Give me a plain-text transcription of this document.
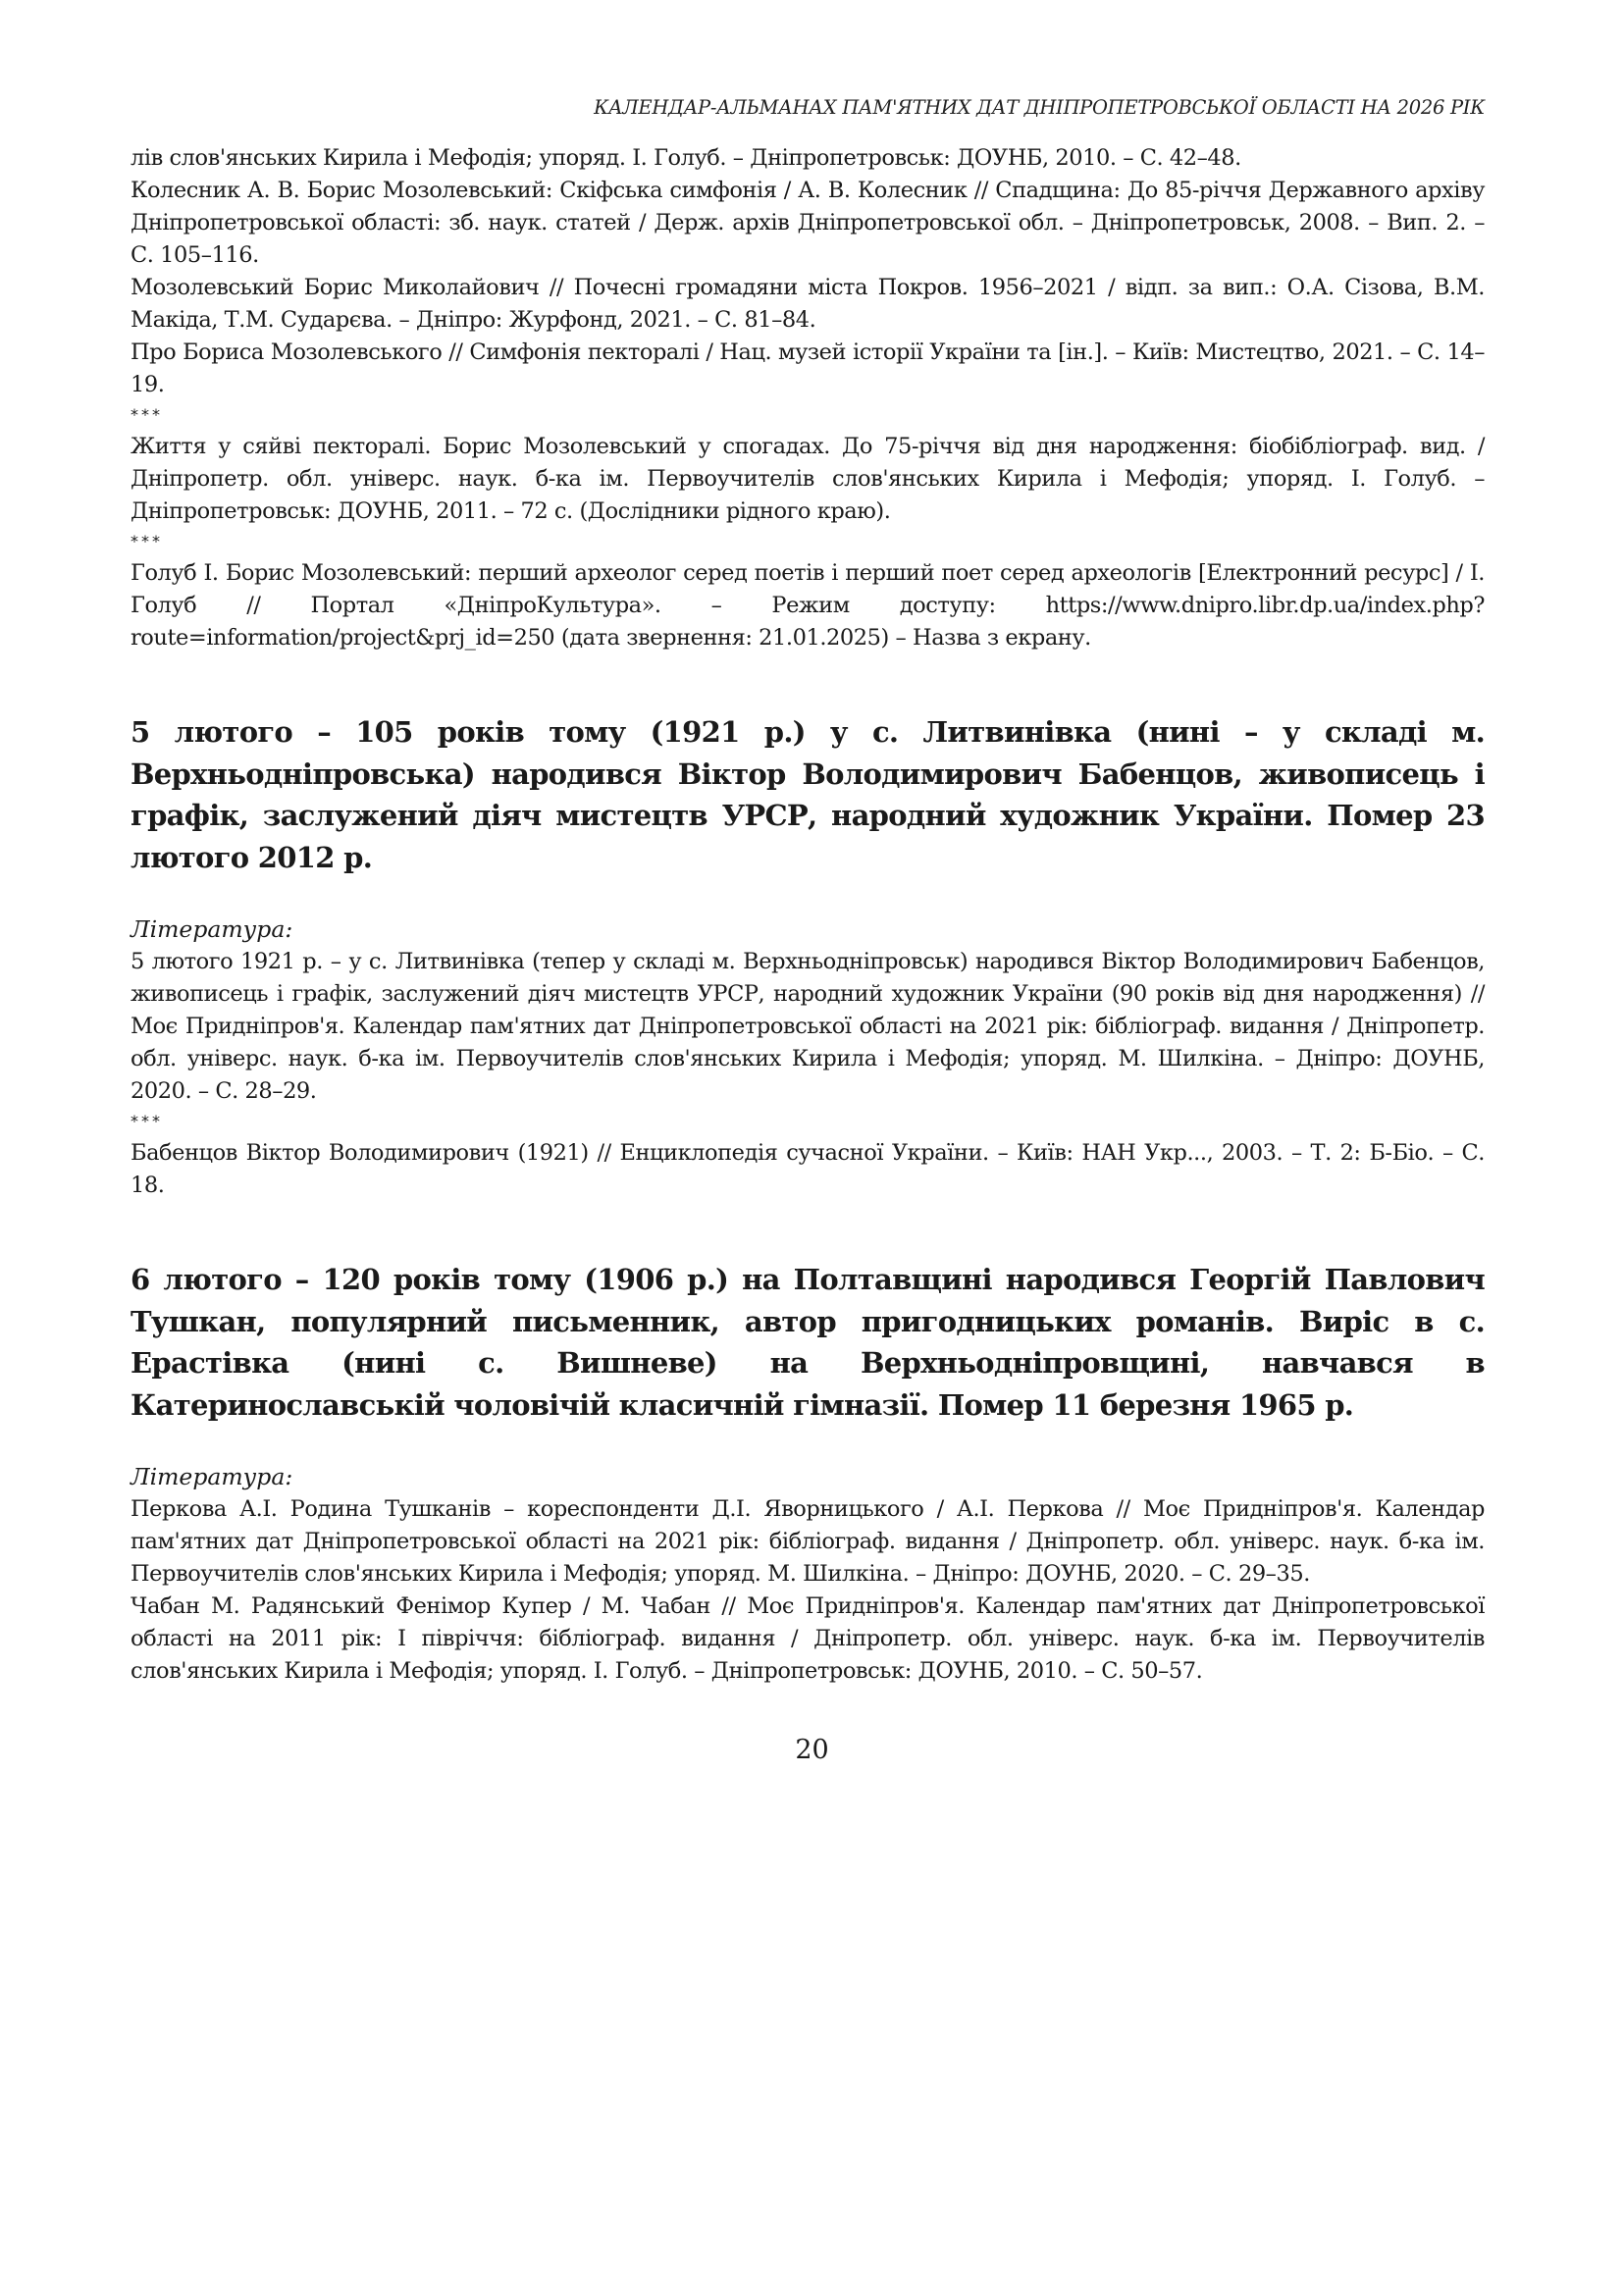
КАЛЕНДАР-АЛЬМАНАХ ПАМ'ЯТНИХ ДАТ ДНІПРОПЕТРОВСЬКОЇ ОБЛАСТІ НА 2026 РІК

лів слов'янських Кирила і Мефодія; упоряд. І. Голуб. – Дніпропетровськ: ДОУНБ, 2010. – С. 42–48.

Колесник А. В. Борис Мозолевський: Скіфська симфонія / А. В. Колесник // Спадщина: До 85-річчя Державного архіву Дніпропетровської області: зб. наук. статей / Держ. архів Дніпропетровської обл. – Дніпропетровськ, 2008. – Вип. 2. – С. 105–116.

Мозолевський Борис Миколайович // Почесні громадяни міста Покров. 1956–2021 / відп. за вип.: О.А. Сізова, В.М. Макіда, Т.М. Сударєва. – Дніпро: Журфонд, 2021. – С. 81–84.

Про Бориса Мозолевського // Симфонія пекторалі / Нац. музей історії України та [ін.]. – Київ: Мистецтво, 2021. – С. 14–19.

***

Життя у сяйві пекторалі. Борис Мозолевський у спогадах. До 75-річчя від дня народження: біобібліограф. вид. / Дніпропетр. обл. універс. наук. б-ка ім. Первоучителів слов'янських Кирила і Мефодія; упоряд. І. Голуб. – Дніпропетровськ: ДОУНБ, 2011. – 72 с. (Дослідники рідного краю).

***

Голуб І. Борис Мозолевський: перший археолог серед поетів і перший поет серед археологів [Електронний ресурс] / І. Голуб // Портал «ДніпроКультура». – Режим доступу: https://www.dnipro.libr.dp.ua/index.php?route=information/project&prj_id=250 (дата звернення: 21.01.2025) – Назва з екрану.

5 лютого – 105 років тому (1921 р.) у с. Литвинівка (нині – у складі м. Верхньодніпровська) народився Віктор Володимирович Бабенцов, живописець і графік, заслужений діяч мистецтв УРСР, народний художник України. Помер 23 лютого 2012 р.

Література:

5 лютого 1921 р. – у с. Литвинівка (тепер у складі м. Верхньодніпровськ) народився Віктор Володимирович Бабенцов, живописець і графік, заслужений діяч мистецтв УРСР, народний художник України (90 років від дня народження) // Моє Придніпров'я. Календар пам'ятних дат Дніпропетровської області на 2021 рік: бібліограф. видання / Дніпропетр. обл. універс. наук. б-ка ім. Первоучителів слов'янських Кирила і Мефодія; упоряд. М. Шилкіна. – Дніпро: ДОУНБ, 2020. – С. 28–29.

***

Бабенцов Віктор Володимирович (1921) // Енциклопедія сучасної України. – Київ: НАН Укр..., 2003. – Т. 2: Б-Біо. – С. 18.

6 лютого – 120 років тому (1906 р.) на Полтавщині народився Георгій Павлович Тушкан, популярний письменник, автор пригодницьких романів. Виріс в с. Ерастівка (нині с. Вишневе) на Верхньодніпровщині, навчався в Катеринославській чоловічій класичній гімназії. Помер 11 березня 1965 р.

Література:

Перкова А.І. Родина Тушканів – кореспонденти Д.І. Яворницького / А.І. Перкова // Моє Придніпров'я. Календар пам'ятних дат Дніпропетровської області на 2021 рік: бібліограф. видання / Дніпропетр. обл. універс. наук. б-ка ім. Первоучителів слов'янських Кирила і Мефодія; упоряд. М. Шилкіна. – Дніпро: ДОУНБ, 2020. – С. 29–35.

Чабан М. Радянський Фенімор Купер / М. Чабан // Моє Придніпров'я. Календар пам'ятних дат Дніпропетровської області на 2011 рік: І півріччя: бібліограф. видання / Дніпропетр. обл. універс. наук. б-ка ім. Первоучителів слов'янських Кирила і Мефодія; упоряд. І. Голуб. – Дніпропетровськ: ДОУНБ, 2010. – С. 50–57.

20
